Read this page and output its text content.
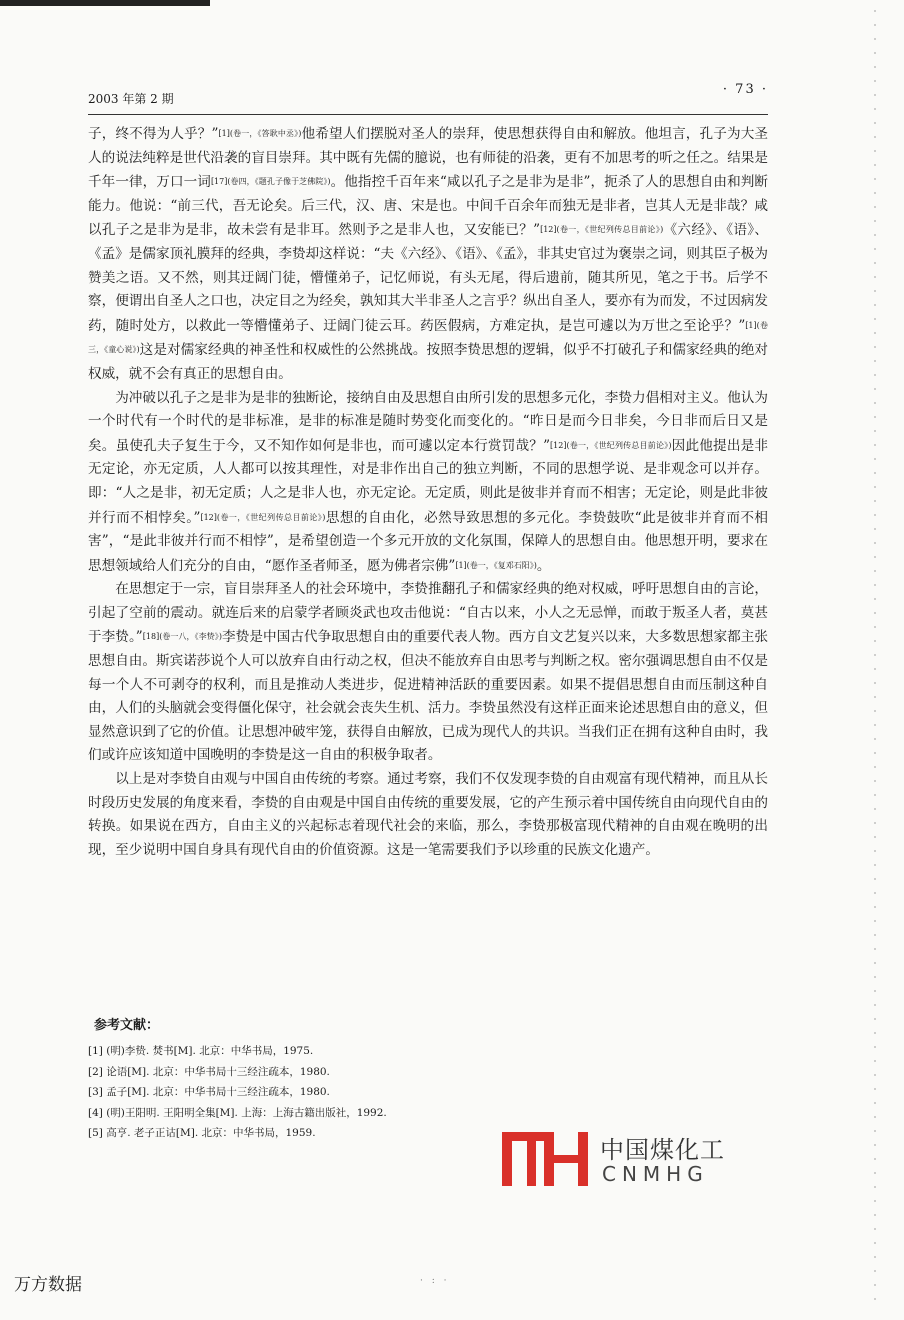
2003 年第 2 期
· 73 ·

子，终不得为人乎？”[1](卷一，《答耿中丞》)他希望人们摆脱对圣人的崇拜，使思想获得自由和解放。他坦言，孔子为大圣人的说法纯粹是世代沿袭的盲目崇拜。其中既有先儒的臆说，也有师徒的沿袭，更有不加思考的听之任之。结果是千年一律，万口一词[17](卷四，《题孔子像于芝佛院》)。他指控千百年来“咸以孔子之是非为是非”，扼杀了人的思想自由和判断能力。他说：“前三代，吾无论矣。后三代，汉、唐、宋是也。中间千百余年而独无是非者，岂其人无是非哉？咸以孔子之是非为是非，故未尝有是非耳。然则予之是非人也，又安能已？”[12](卷一，《世纪列传总目前论》)《六经》、《语》、《孟》是儒家顶礼膜拜的经典，李贽却这样说：“夫《六经》、《语》、《孟》，非其史官过为褒崇之词，则其臣子极为赞美之语。又不然，则其迂阔门徒，懵懂弟子，记忆师说，有头无尾，得后遗前，随其所见，笔之于书。后学不察，便谓出自圣人之口也，决定目之为经矣，孰知其大半非圣人之言乎？纵出自圣人，要亦有为而发，不过因病发药，随时处方，以救此一等懵懂弟子、迂阔门徒云耳。药医假病，方难定执，是岂可遽以为万世之至论乎？”[1](卷三，《童心说》)这是对儒家经典的神圣性和权威性的公然挑战。按照李贽思想的逻辑，似乎不打破孔子和儒家经典的绝对权威，就不会有真正的思想自由。

为冲破以孔子之是非为是非的独断论，接纳自由及思想自由所引发的思想多元化，李贽力倡相对主义。他认为一个时代有一个时代的是非标准，是非的标准是随时势变化而变化的。“昨日是而今日非矣，今日非而后日又是矣。虽使孔夫子复生于今，又不知作如何是非也，而可遽以定本行赏罚哉？”[12](卷一，《世纪列传总目前论》)因此他提出是非无定论，亦无定质，人人都可以按其理性，对是非作出自己的独立判断，不同的思想学说、是非观念可以并存。即：“人之是非，初无定质；人之是非人也，亦无定论。无定质，则此是彼非并育而不相害；无定论，则是此非彼并行而不相悖矣。”[12](卷一，《世纪列传总目前论》)思想的自由化，必然导致思想的多元化。李贽鼓吹“此是彼非并育而不相害”，“是此非彼并行而不相悖”，是希望创造一个多元开放的文化氛围，保障人的思想自由。他思想开明，要求在思想领域给人们充分的自由，“愿作圣者师圣，愿为佛者宗佛”[1](卷一，《复邓石阳》)。

在思想定于一宗，盲目崇拜圣人的社会环境中，李贽推翻孔子和儒家经典的绝对权威，呼吁思想自由的言论，引起了空前的震动。就连后来的启蒙学者顾炎武也攻击他说：“自古以来，小人之无忌惮，而敢于叛圣人者，莫甚于李贽。”[18](卷一八，《李贽》)李贽是中国古代争取思想自由的重要代表人物。西方自文艺复兴以来，大多数思想家都主张思想自由。斯宾诺莎说个人可以放弃自由行动之权，但决不能放弃自由思考与判断之权。密尔强调思想自由不仅是每一个人不可剥夺的权利，而且是推动人类进步，促进精神活跃的重要因素。如果不提倡思想自由而压制这种自由，人们的头脑就会变得僵化保守，社会就会丧失生机、活力。李贽虽然没有这样正面来论述思想自由的意义，但显然意识到了它的价值。让思想冲破牢笼，获得自由解放，已成为现代人的共识。当我们正在拥有这种自由时，我们或许应该知道中国晚明的李贽是这一自由的积极争取者。

以上是对李贽自由观与中国自由传统的考察。通过考察，我们不仅发现李贽的自由观富有现代精神，而且从长时段历史发展的角度来看，李贽的自由观是中国自由传统的重要发展，它的产生预示着中国传统自由向现代自由的转换。如果说在西方，自由主义的兴起标志着现代社会的来临，那么，李贽那极富现代精神的自由观在晚明的出现，至少说明中国自身具有现代自由的价值资源。这是一笔需要我们予以珍重的民族文化遗产。

参考文献：

[1] (明)李贽. 焚书[M]. 北京：中华书局，1975.

[2] 论语[M]. 北京：中华书局十三经注疏本，1980.

[3] 孟子[M]. 北京：中华书局十三经注疏本，1980.

[4] (明)王阳明. 王阳明全集[M]. 上海：上海古籍出版社，1992.

[5] 高亨. 老子正诂[M]. 北京：中华书局，1959.

中国煤化工
CNMHG
万方数据	· : ·
